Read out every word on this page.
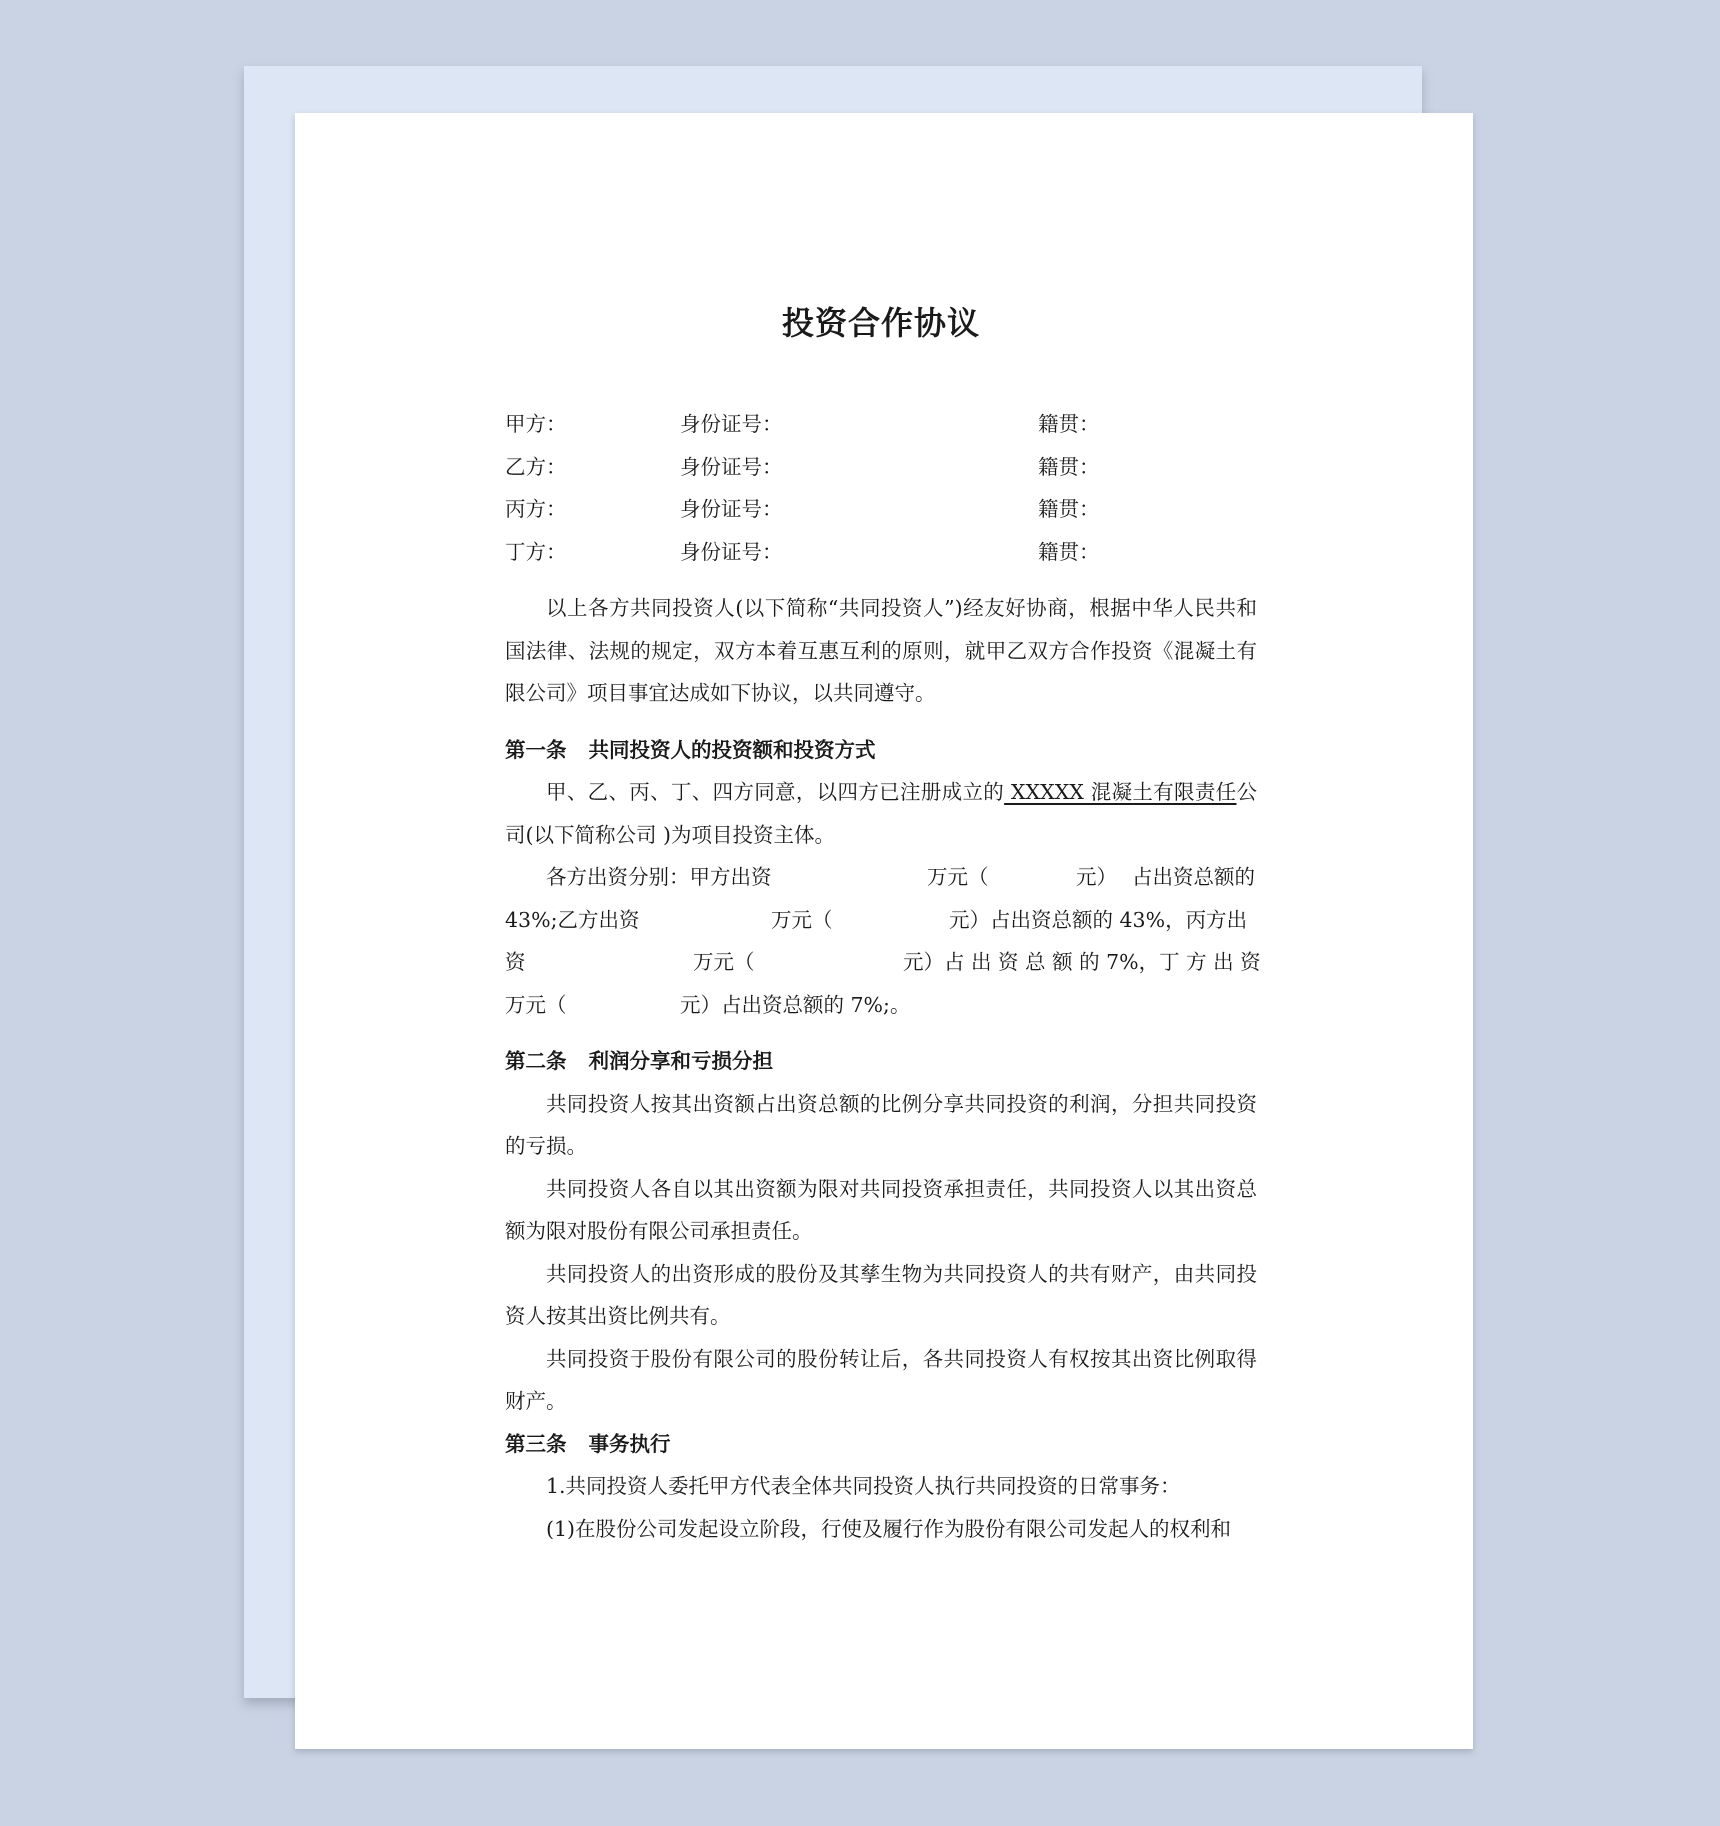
投资合作协议
甲方：	身份证号：	籍贯：
乙方：	身份证号：	籍贯：
丙方：	身份证号：	籍贯：
丁方：	身份证号：	籍贯：

以上各方共同投资人(以下简称“共同投资人”)经友好协商，根据中华人民共和国法律、法规的规定，双方本着互惠互利的原则，就甲乙双方合作投资《混凝土有限公司》项目事宜达成如下协议，以共同遵守。

第一条 共同投资人的投资额和投资方式

甲、乙、丙、丁、四方同意，以四方已注册成立的 XXXXX 混凝土有限责任公司(以下简称公司 )为项目投资主体。

各方出资分别：甲方出资	万元（	元） 占出资总额的
43%;乙方出资	万元（	元）占出资总额的 43%，丙方出
资	万元（	元）占 出 资 总 额 的 7%，丁 方 出 资
万元（	元）占出资总额的 7%;。

第二条 利润分享和亏损分担

共同投资人按其出资额占出资总额的比例分享共同投资的利润，分担共同投资的亏损。

共同投资人各自以其出资额为限对共同投资承担责任，共同投资人以其出资总额为限对股份有限公司承担责任。

共同投资人的出资形成的股份及其孳生物为共同投资人的共有财产，由共同投资人按其出资比例共有。

共同投资于股份有限公司的股份转让后，各共同投资人有权按其出资比例取得财产。

第三条 事务执行

1.共同投资人委托甲方代表全体共同投资人执行共同投资的日常事务：

(1)在股份公司发起设立阶段，行使及履行作为股份有限公司发起人的权利和
